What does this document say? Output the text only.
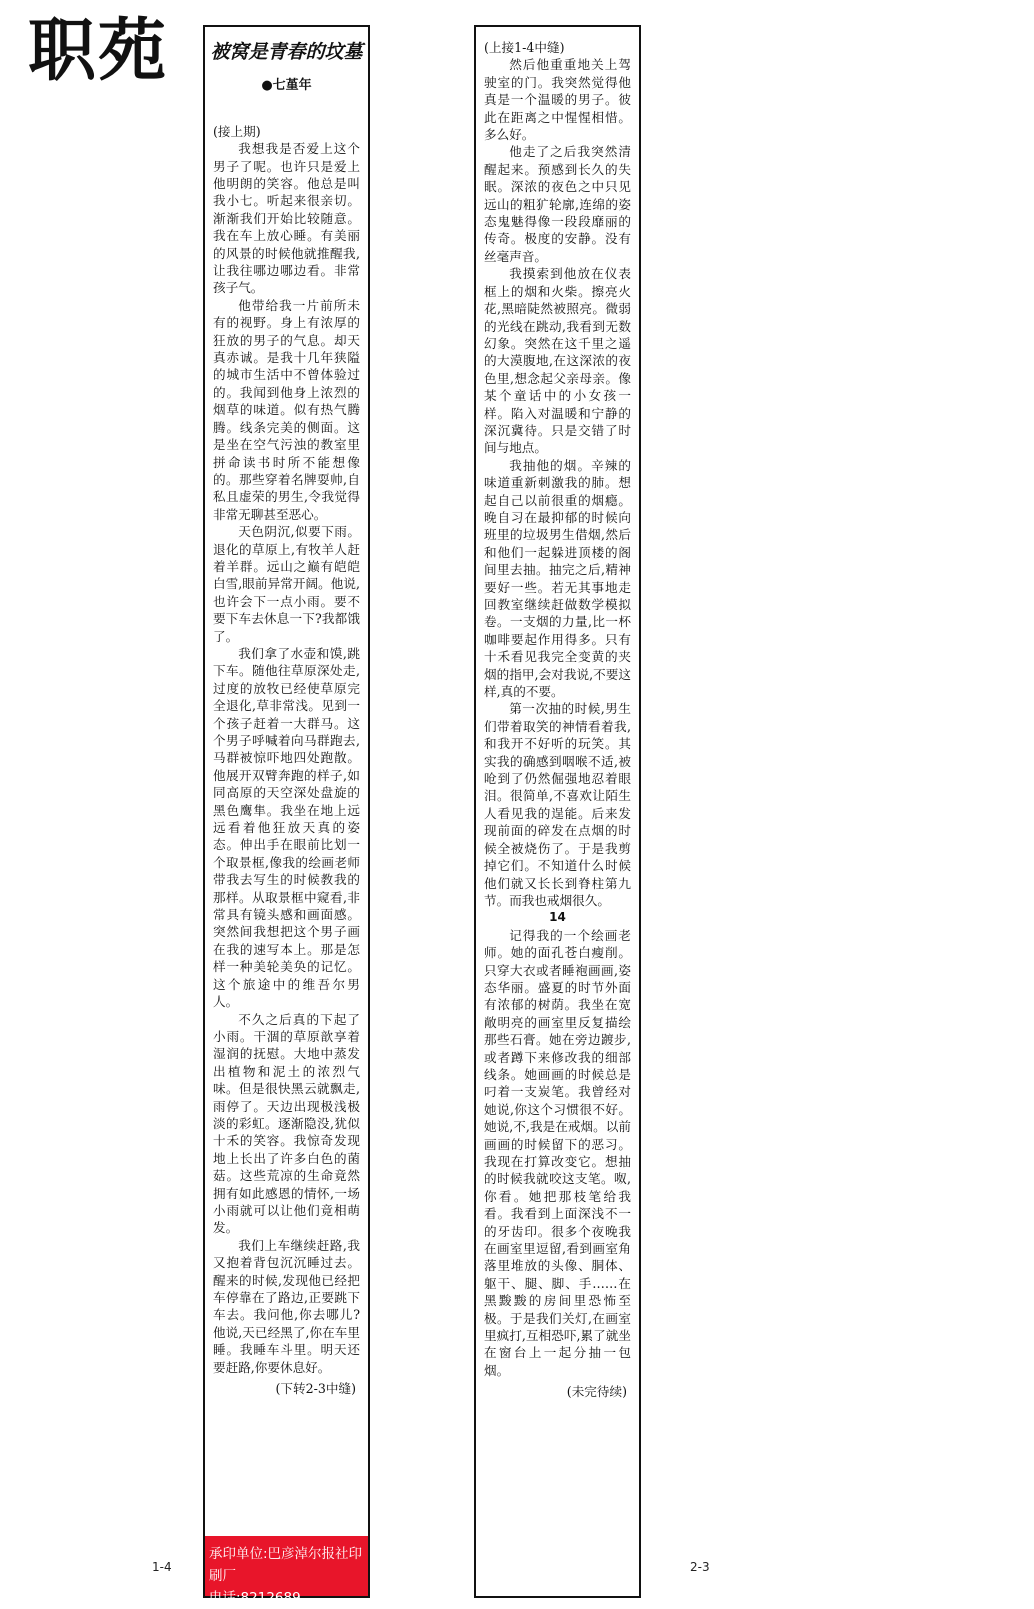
职苑 被窝是青春的坟墓
●七堇年

(接上期)

我想我是否爱上这个男子了呢。也许只是爱上他明朗的笑容。他总是叫我小七。听起来很亲切。渐渐我们开始比较随意。我在车上放心睡。有美丽的风景的时候他就推醒我,让我往哪边哪边看。非常孩子气。

他带给我一片前所未有的视野。身上有浓厚的狂放的男子的气息。却天真赤诚。是我十几年狭隘的城市生活中不曾体验过的。我闻到他身上浓烈的烟草的味道。似有热气腾腾。线条完美的侧面。这是坐在空气污浊的教室里拼命读书时所不能想像的。那些穿着名牌耍帅,自私且虚荣的男生,令我觉得非常无聊甚至恶心。

天色阴沉,似要下雨。退化的草原上,有牧羊人赶着羊群。远山之巅有皑皑白雪,眼前异常开阔。他说,也许会下一点小雨。要不要下车去休息一下?我都饿了。

我们拿了水壶和馍,跳下车。随他往草原深处走,过度的放牧已经使草原完全退化,草非常浅。见到一个孩子赶着一大群马。这个男子呼喊着向马群跑去,马群被惊吓地四处跑散。他展开双臂奔跑的样子,如同高原的天空深处盘旋的黑色鹰隼。我坐在地上远远看着他狂放天真的姿态。伸出手在眼前比划一个取景框,像我的绘画老师带我去写生的时候教我的那样。从取景框中窥看,非常具有镜头感和画面感。突然间我想把这个男子画在我的速写本上。那是怎样一种美轮美奂的记忆。这个旅途中的维吾尔男人。

不久之后真的下起了小雨。干涸的草原歆享着湿润的抚慰。大地中蒸发出植物和泥土的浓烈气味。但是很快黑云就飘走,雨停了。天边出现极浅极淡的彩虹。逐渐隐没,犹似十禾的笑容。我惊奇发现地上长出了许多白色的菌菇。这些荒凉的生命竟然拥有如此感恩的情怀,一场小雨就可以让他们竟相萌发。

我们上车继续赶路,我又抱着背包沉沉睡过去。醒来的时候,发现他已经把车停靠在了路边,正要跳下车去。我问他,你去哪儿?他说,天已经黑了,你在车里睡。我睡车斗里。明天还要赶路,你要休息好。

(下转2-3中缝)
承印单位:巴彦淖尔报社印刷厂
电话:8212689

(上接1-4中缝)

然后他重重地关上驾驶室的门。我突然觉得他真是一个温暖的男子。彼此在距离之中惺惺相惜。多么好。

他走了之后我突然清醒起来。预感到长久的失眠。深浓的夜色之中只见远山的粗犷轮廓,连绵的姿态鬼魅得像一段段靡丽的传奇。极度的安静。没有丝毫声音。

我摸索到他放在仪表框上的烟和火柴。擦亮火花,黑暗陡然被照亮。微弱的光线在跳动,我看到无数幻象。突然在这千里之遥的大漠腹地,在这深浓的夜色里,想念起父亲母亲。像某个童话中的小女孩一样。陷入对温暖和宁静的深沉冀待。只是交错了时间与地点。

我抽他的烟。辛辣的味道重新刺激我的肺。想起自己以前很重的烟瘾。晚自习在最抑郁的时候向班里的垃圾男生借烟,然后和他们一起躲进顶楼的阁间里去抽。抽完之后,精神要好一些。若无其事地走回教室继续赶做数学模拟卷。一支烟的力量,比一杯咖啡要起作用得多。只有十禾看见我完全变黄的夹烟的指甲,会对我说,不要这样,真的不要。

第一次抽的时候,男生们带着取笑的神情看着我,和我开不好听的玩笑。其实我的确感到咽喉不适,被呛到了仍然倔强地忍着眼泪。很简单,不喜欢让陌生人看见我的逞能。后来发现前面的碎发在点烟的时候全被烧伤了。于是我剪掉它们。不知道什么时候他们就又长长到脊柱第九节。而我也戒烟很久。

14

记得我的一个绘画老师。她的面孔苍白瘦削。只穿大衣或者睡袍画画,姿态华丽。盛夏的时节外面有浓郁的树荫。我坐在宽敞明亮的画室里反复描绘那些石膏。她在旁边踱步,或者蹲下来修改我的细部线条。她画画的时候总是叼着一支炭笔。我曾经对她说,你这个习惯很不好。她说,不,我是在戒烟。以前画画的时候留下的恶习。我现在打算改变它。想抽的时候我就咬这支笔。呶,你看。她把那枝笔给我看。我看到上面深浅不一的牙齿印。很多个夜晚我在画室里逗留,看到画室角落里堆放的头像、胴体、躯干、腿、脚、手……在黑黢黢的房间里恐怖至极。于是我们关灯,在画室里疯打,互相恐吓,累了就坐在窗台上一起分抽一包烟。

(未完待续)
1-4	2-3
